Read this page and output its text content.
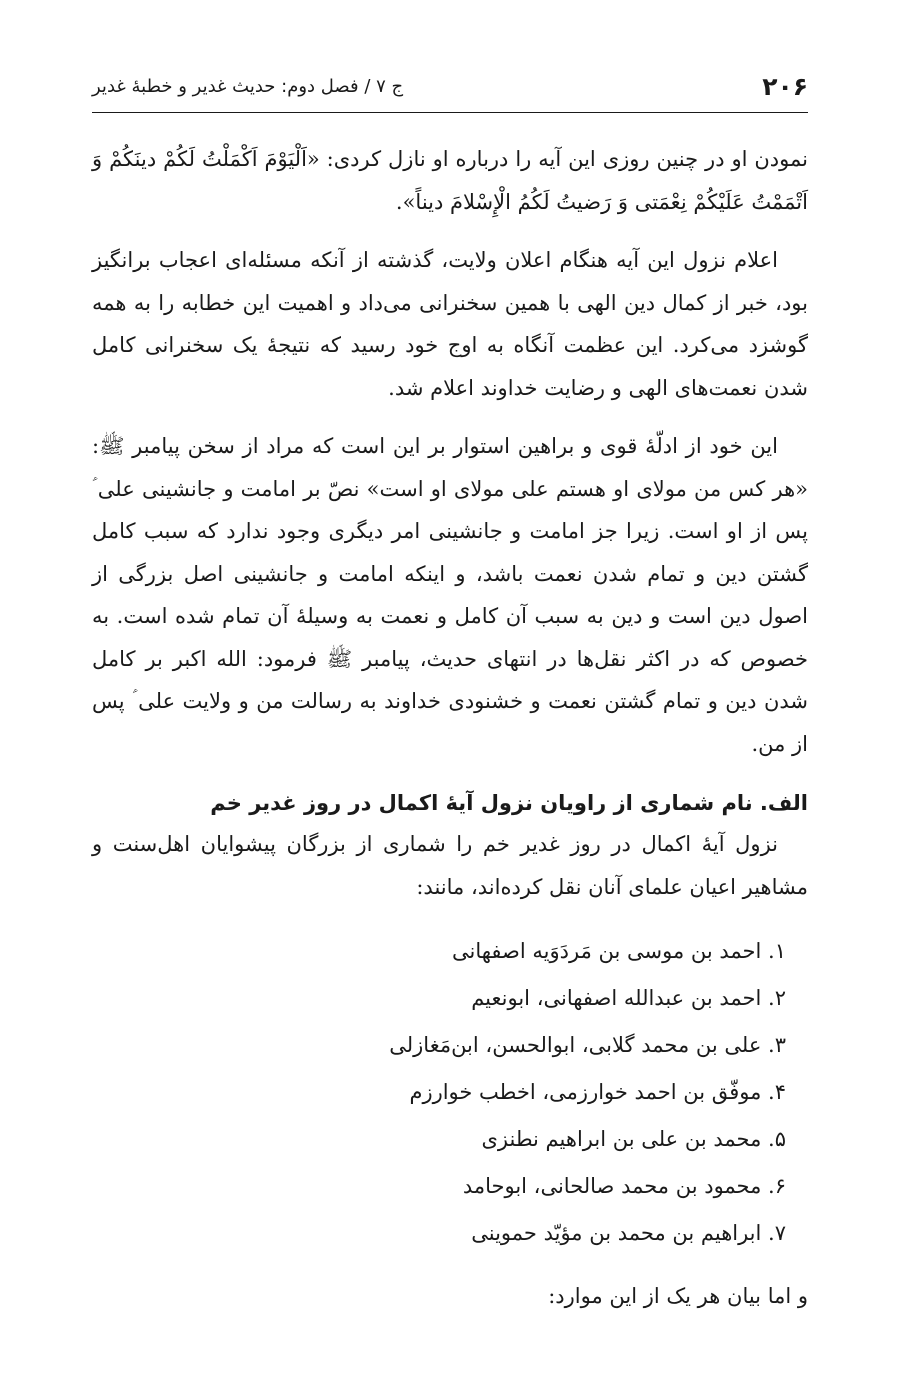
۲۰۶
ج ۷ / فصل دوم: حدیث غدیر و خطبهٔ غدیر

نمودن او در چنین روزی این آیه را درباره او نازل کردی: «اَلْیَوْمَ اَکْمَلْتُ لَکُمْ دینَکُمْ وَ اَتْمَمْتُ عَلَیْکُمْ نِعْمَتی وَ رَضیتُ لَکُمُ الْإِسْلامَ دیناً».

اعلام نزول این آیه هنگام اعلان ولایت، گذشته از آنکه مسئله‌ای اعجاب برانگیز بود، خبر از کمال دین الهی با همین سخنرانی می‌داد و اهمیت این خطابه را به همه گوشزد می‌کرد. این عظمت آنگاه به اوج خود رسید که نتیجهٔ یک سخنرانی کامل شدن نعمت‌های الهی و رضایت خداوند اعلام شد.

این خود از ادلّهٔ قوی و براهین استوار بر این است که مراد از سخن پیامبر ﷺ: «هر کس من مولای او هستم علی مولای او است» نصّ بر امامت و جانشینی علی ؑ پس از او است. زیرا جز امامت و جانشینی امر دیگری وجود ندارد که سبب کامل گشتن دین و تمام شدن نعمت باشد، و اینکه امامت و جانشینی اصل بزرگی از اصول دین است و دین به سبب آن کامل و نعمت به وسیلهٔ آن تمام شده است. به خصوص که در اکثر نقل‌ها در انتهای حدیث، پیامبر ﷺ فرمود: الله اکبر بر کامل شدن دین و تمام گشتن نعمت و خشنودی خداوند به رسالت من و ولایت علی ؑ پس از من.

الف. نام شماری از راویان نزول آیهٔ اکمال در روز غدیر خم

نزول آیهٔ اکمال در روز غدیر خم را شماری از بزرگان پیشوایان اهل‌سنت و مشاهیر اعیان علمای آنان نقل کرده‌اند، مانند:

۱. احمد بن موسی بن مَردَوَیه اصفهانی
۲. احمد بن عبدالله اصفهانی، ابونعیم
۳. علی بن محمد گلابی، ابوالحسن، ابن‌مَغازلی
۴. موفّق بن احمد خوارزمی، اخطب خوارزم
۵. محمد بن علی بن ابراهیم نطنزی
۶. محمود بن محمد صالحانی، ابوحامد
۷. ابراهیم بن محمد بن مؤیّد حموینی

و اما بیان هر یک از این موارد:
